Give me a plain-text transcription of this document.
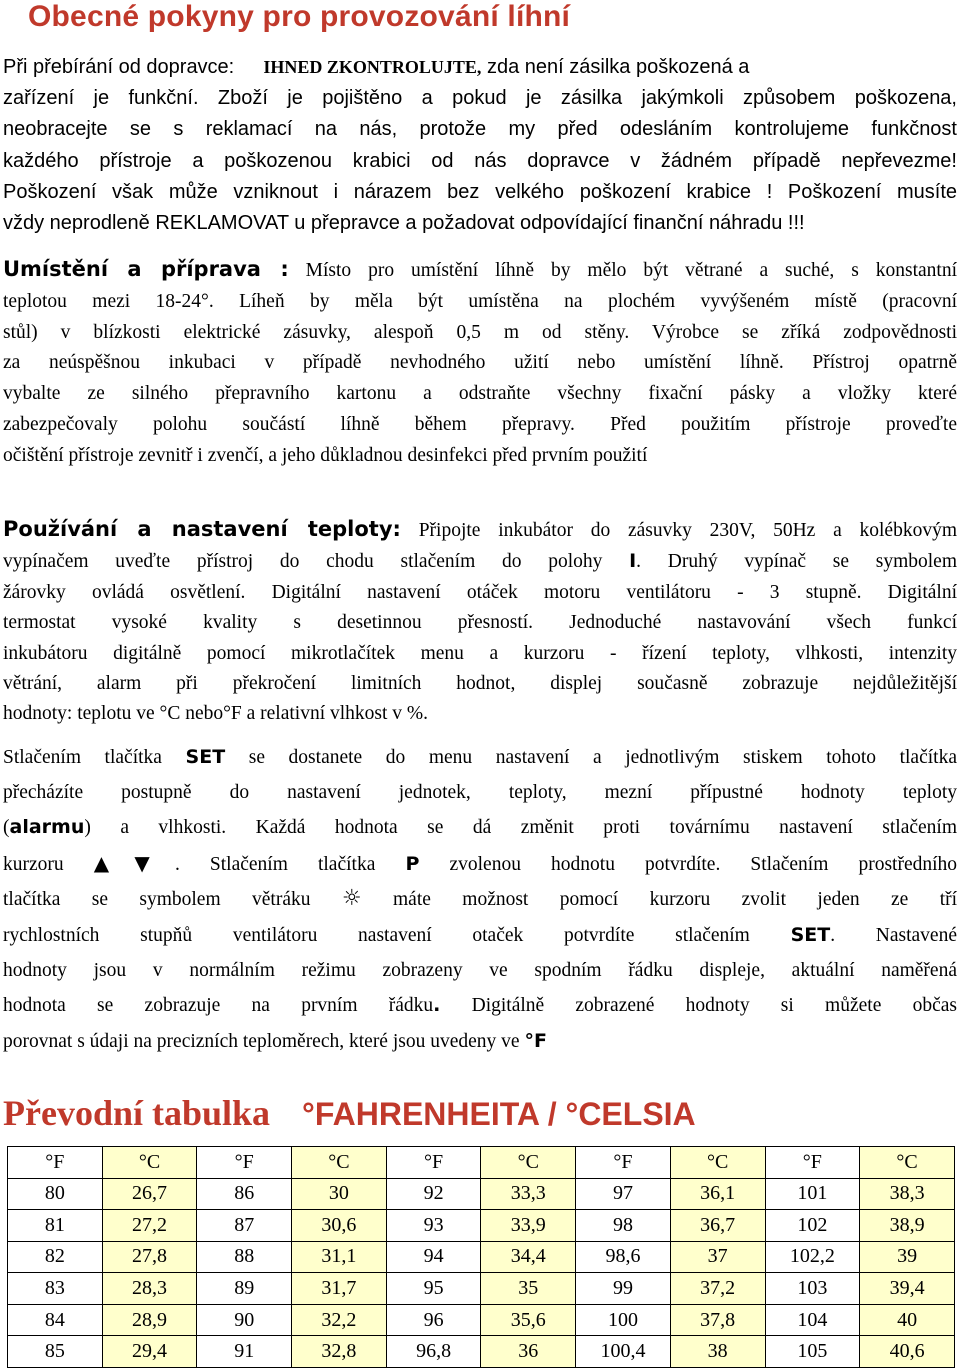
Obecné pokyny pro provozování líhní
Při přebírání od dopravce: IHNED ZKONTROLUJTE, zda není zásilka poškozená a
zařízení je funkční. Zboží je pojištěno a pokud je zásilka jakýmkoli způsobem poškozena,
neobracejte se s reklamací na nás, protože my před odesláním kontrolujeme funkčnost
každého přístroje a poškozenou krabici od nás dopravce v žádném případě nepřevezme!
Poškození však může vzniknout i nárazem bez velkého poškození krabice ! Poškození musíte
vždy neprodleně REKLAMOVAT u přepravce a požadovat odpovídající finanční náhradu !!!
Umístění a příprava : Místo pro umístění líhně by mělo být větrané a suché, s konstantní
teplotou mezi 18-24°. Líheň by měla být umístěna na plochém vyvýšeném místě (pracovní
stůl) v blízkosti elektrické zásuvky, alespoň 0,5 m od stěny. Výrobce se zříká zodpovědnosti
za neúspěšnou inkubaci v případě nevhodného užití nebo umístění líhně. Přístroj opatrně
vybalte ze silného přepravního kartonu a odstraňte všechny fixační pásky a vložky které
zabezpečovaly polohu součástí líhně během přepravy. Před použitím přístroje proveďte
očištění přístroje zevnitř i zvenčí, a jeho důkladnou desinfekci před prvním použití
Používání a nastavení teploty: Připojte inkubátor do zásuvky 230V, 50Hz a kolébkovým
vypínačem uveďte přístroj do chodu stlačením do polohy I. Druhý vypínač se symbolem
žárovky ovládá osvětlení. Digitální nastavení otáček motoru ventilátoru - 3 stupně. Digitální
termostat vysoké kvality s desetinnou přesností. Jednoduché nastavování všech funkcí
inkubátoru digitálně pomocí mikrotlačítek menu a kurzoru - řízení teploty, vlhkosti, intenzity
větrání, alarm při překročení limitních hodnot, displej současně zobrazuje nejdůležitější
hodnoty: teplotu ve °C nebo°F a relativní vlhkost v %.
Stlačením tlačítka SET se dostanete do menu nastavení a jednotlivým stiskem tohoto tlačítka
přecházíte postupně do nastavení jednotek, teploty, mezní přípustné hodnoty teploty
(alarmu) a vlhkosti. Každá hodnota se dá změnit proti továrnímu nastavení stlačením
kurzoru ▲▼. Stlačením tlačítka P zvolenou hodnotu potvrdíte. Stlačením prostředního
tlačítka se symbolem větráku ☼ máte možnost pomocí kurzoru zvolit jeden ze tří
rychlostních stupňů ventilátoru nastavení otaček potvrdíte stlačením SET. Nastavené
hodnoty jsou v normálním režimu zobrazeny ve spodním řádku displeje, aktuální naměřená
hodnota se zobrazuje na prvním řádku. Digitálně zobrazené hodnoty si můžete občas
porovnat s údaji na precizních teploměrech, které jsou uvedeny ve °F
Převodní tabulka °FAHRENHEITA / °CELSIA
°F	°C	°F	°C	°F	°C	°F	°C	°F	°C
80	26,7	86	30	92	33,3	97	36,1	101	38,3
81	27,2	87	30,6	93	33,9	98	36,7	102	38,9
82	27,8	88	31,1	94	34,4	98,6	37	102,2	39
83	28,3	89	31,7	95	35	99	37,2	103	39,4
84	28,9	90	32,2	96	35,6	100	37,8	104	40
85	29,4	91	32,8	96,8	36	100,4	38	105	40,6
